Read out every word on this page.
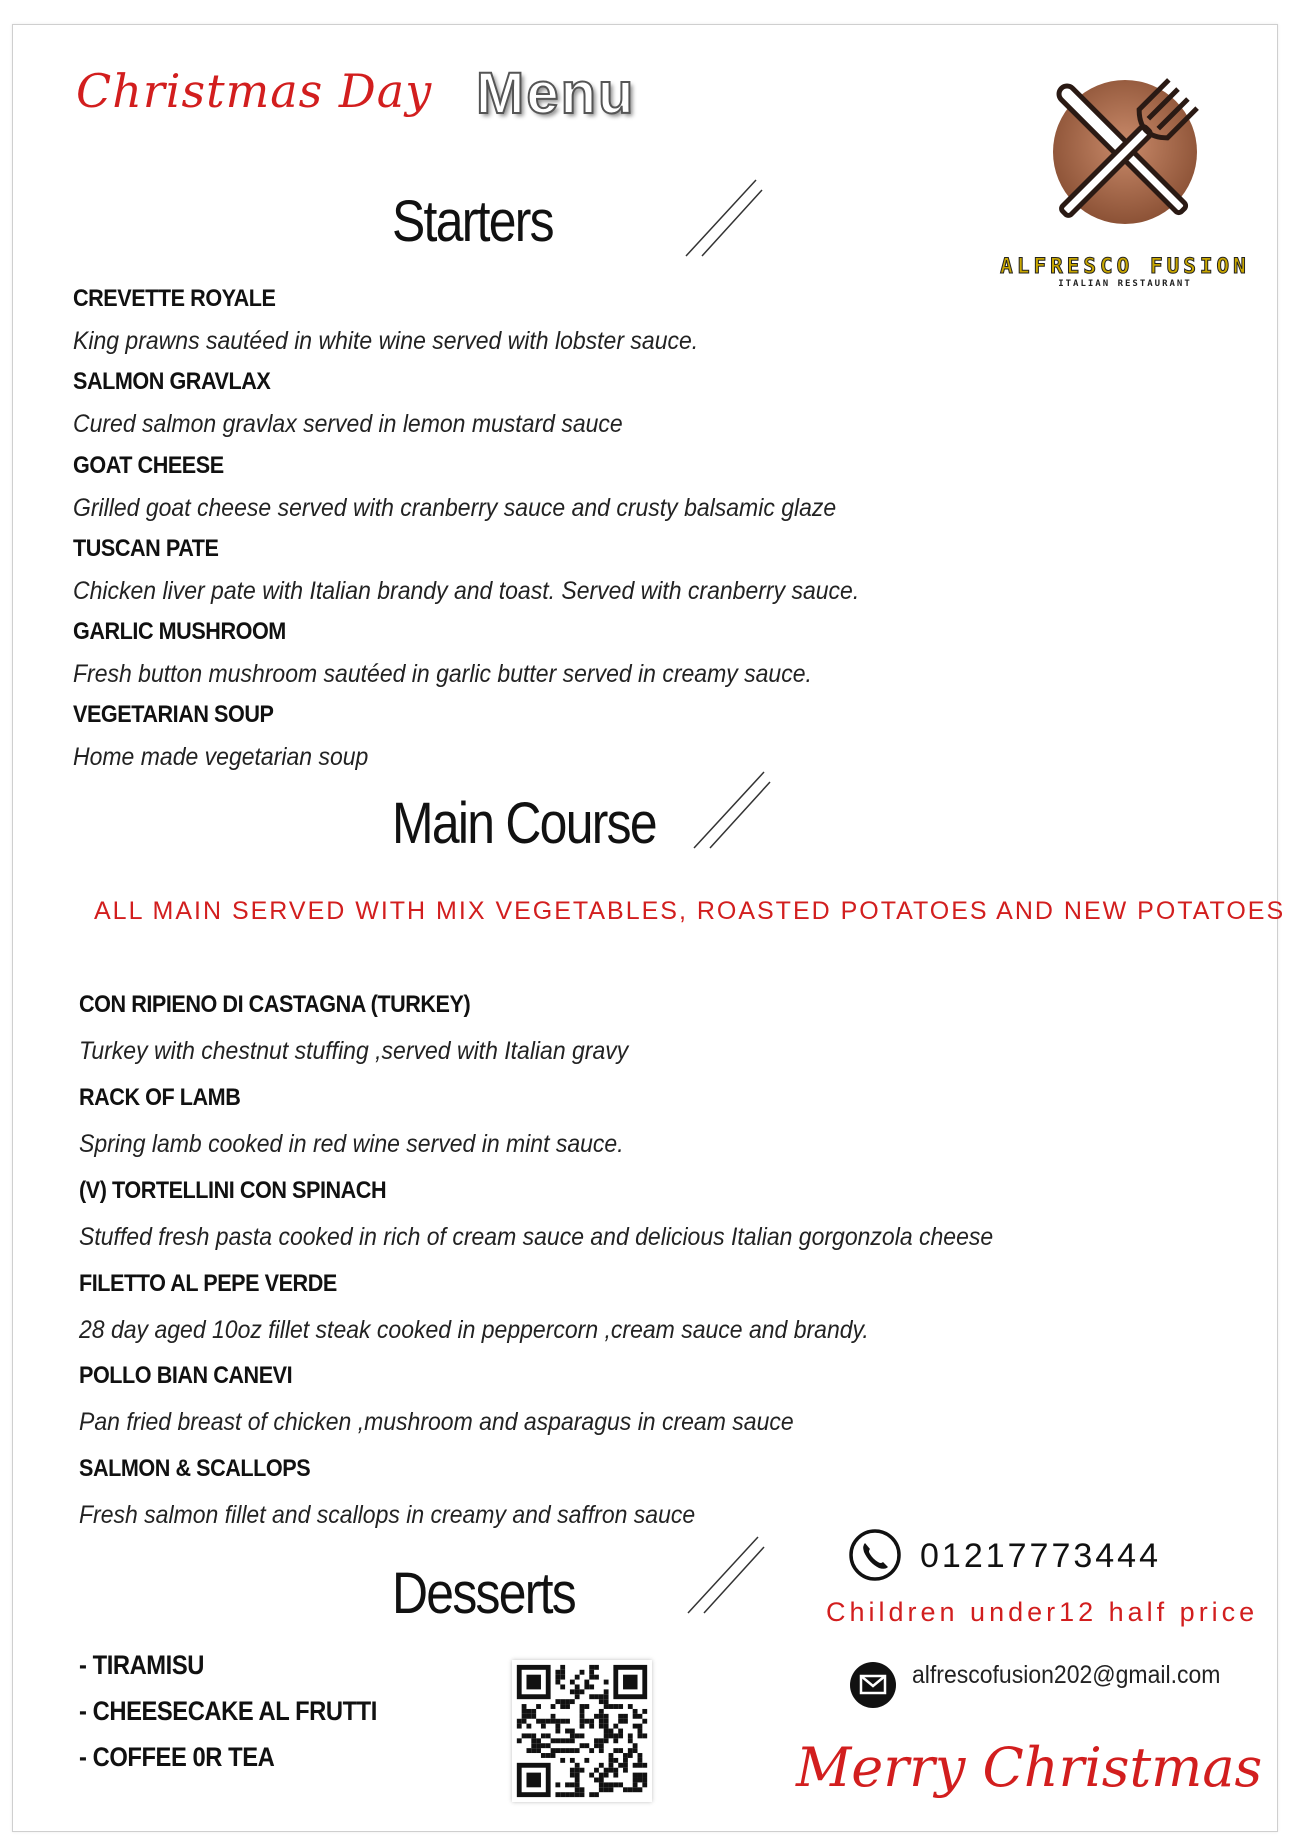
Christmas Day Menu
ALFRESCO FUSION
ITALIAN RESTAURANT
Starters
CREVETTE ROYALE
King prawns sautéed in white wine served with lobster sauce.
SALMON GRAVLAX
Cured salmon gravlax served in lemon mustard sauce
GOAT CHEESE
Grilled goat cheese served with cranberry sauce and crusty balsamic glaze
TUSCAN PATE
Chicken liver pate with Italian brandy and toast. Served with cranberry sauce.
GARLIC MUSHROOM
Fresh button mushroom sautéed in garlic butter served in creamy sauce.
VEGETARIAN SOUP
Home made vegetarian soup
Main Course
ALL MAIN SERVED WITH MIX VEGETABLES, ROASTED POTATOES AND NEW POTATOES
CON RIPIENO DI CASTAGNA (TURKEY)
Turkey with chestnut stuffing ,served with Italian gravy
RACK OF LAMB
Spring lamb cooked in red wine served in mint sauce.
(V) TORTELLINI CON SPINACH
Stuffed fresh pasta cooked in rich of cream sauce and delicious Italian gorgonzola cheese
FILETTO AL PEPE VERDE
28 day aged 10oz fillet steak cooked in peppercorn ,cream sauce and brandy.
POLLO BIAN CANEVI
Pan fried breast of chicken ,mushroom and asparagus in cream sauce
SALMON & SCALLOPS
Fresh salmon fillet and scallops in creamy and saffron sauce
Desserts
- TIRAMISU
- CHEESECAKE AL FRUTTI
- COFFEE 0R TEA
01217773444
Children under12 half price
alfrescofusion202@gmail.com
Merry Christmas
